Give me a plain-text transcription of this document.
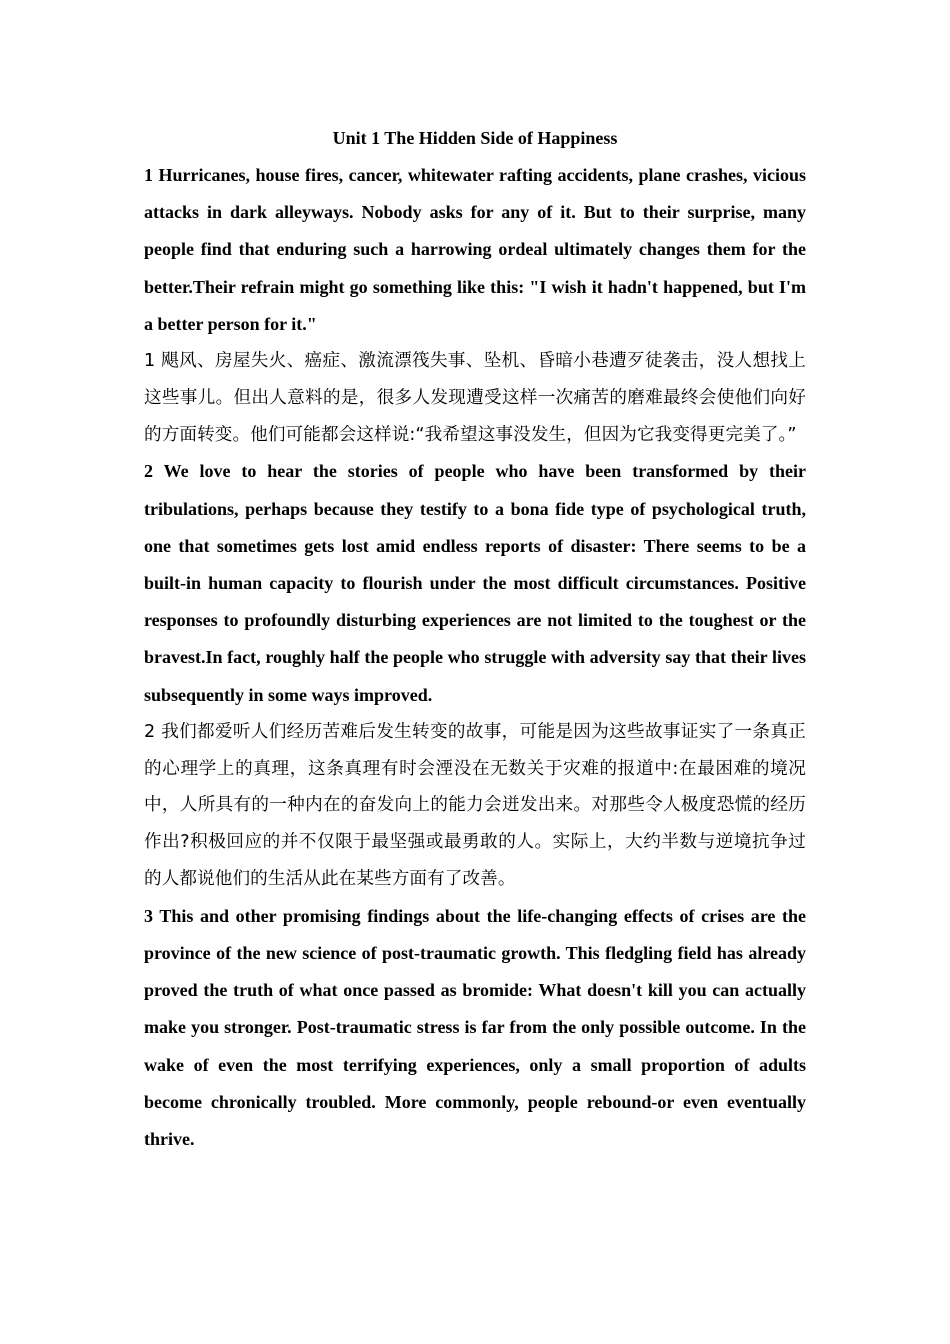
Unit 1 The Hidden Side of Happiness

1 Hurricanes, house fires, cancer, whitewater rafting accidents, plane crashes, vicious attacks in dark alleyways. Nobody asks for any of it. But to their surprise, many people find that enduring such a harrowing ordeal ultimately changes them for the better.Their refrain might go something like this: "I wish it hadn't happened, but I'm a better person for it."

1 飓风、房屋失火、癌症、激流漂筏失事、坠机、昏暗小巷遭歹徒袭击，没人想找上这些事儿。但出人意料的是，很多人发现遭受这样一次痛苦的磨难最终会使他们向好的方面转变。他们可能都会这样说:“我希望这事没发生，但因为它我变得更完美了。”

2 We love to hear the stories of people who have been transformed by their tribulations, perhaps because they testify to a bona fide type of psychological truth, one that sometimes gets lost amid endless reports of disaster: There seems to be a built-in human capacity to flourish under the most difficult circumstances. Positive responses to profoundly disturbing experiences are not limited to the toughest or the bravest.In fact, roughly half the people who struggle with adversity say that their lives subsequently in some ways improved.

2 我们都爱听人们经历苦难后发生转变的故事，可能是因为这些故事证实了一条真正的心理学上的真理，这条真理有时会湮没在无数关于灾难的报道中:在最困难的境况中，人所具有的一种内在的奋发向上的能力会迸发出来。对那些令人极度恐慌的经历作出?积极回应的并不仅限于最坚强或最勇敢的人。实际上，大约半数与逆境抗争过的人都说他们的生活从此在某些方面有了改善。

3 This and other promising findings about the life-changing effects of crises are the province of the new science of post-traumatic growth. This fledgling field has already proved the truth of what once passed as bromide: What doesn't kill you can actually make you stronger. Post-traumatic stress is far from the only possible outcome. In the wake of even the most terrifying experiences, only a small proportion of adults become chronically troubled. More commonly, people rebound-or even eventually thrive.
